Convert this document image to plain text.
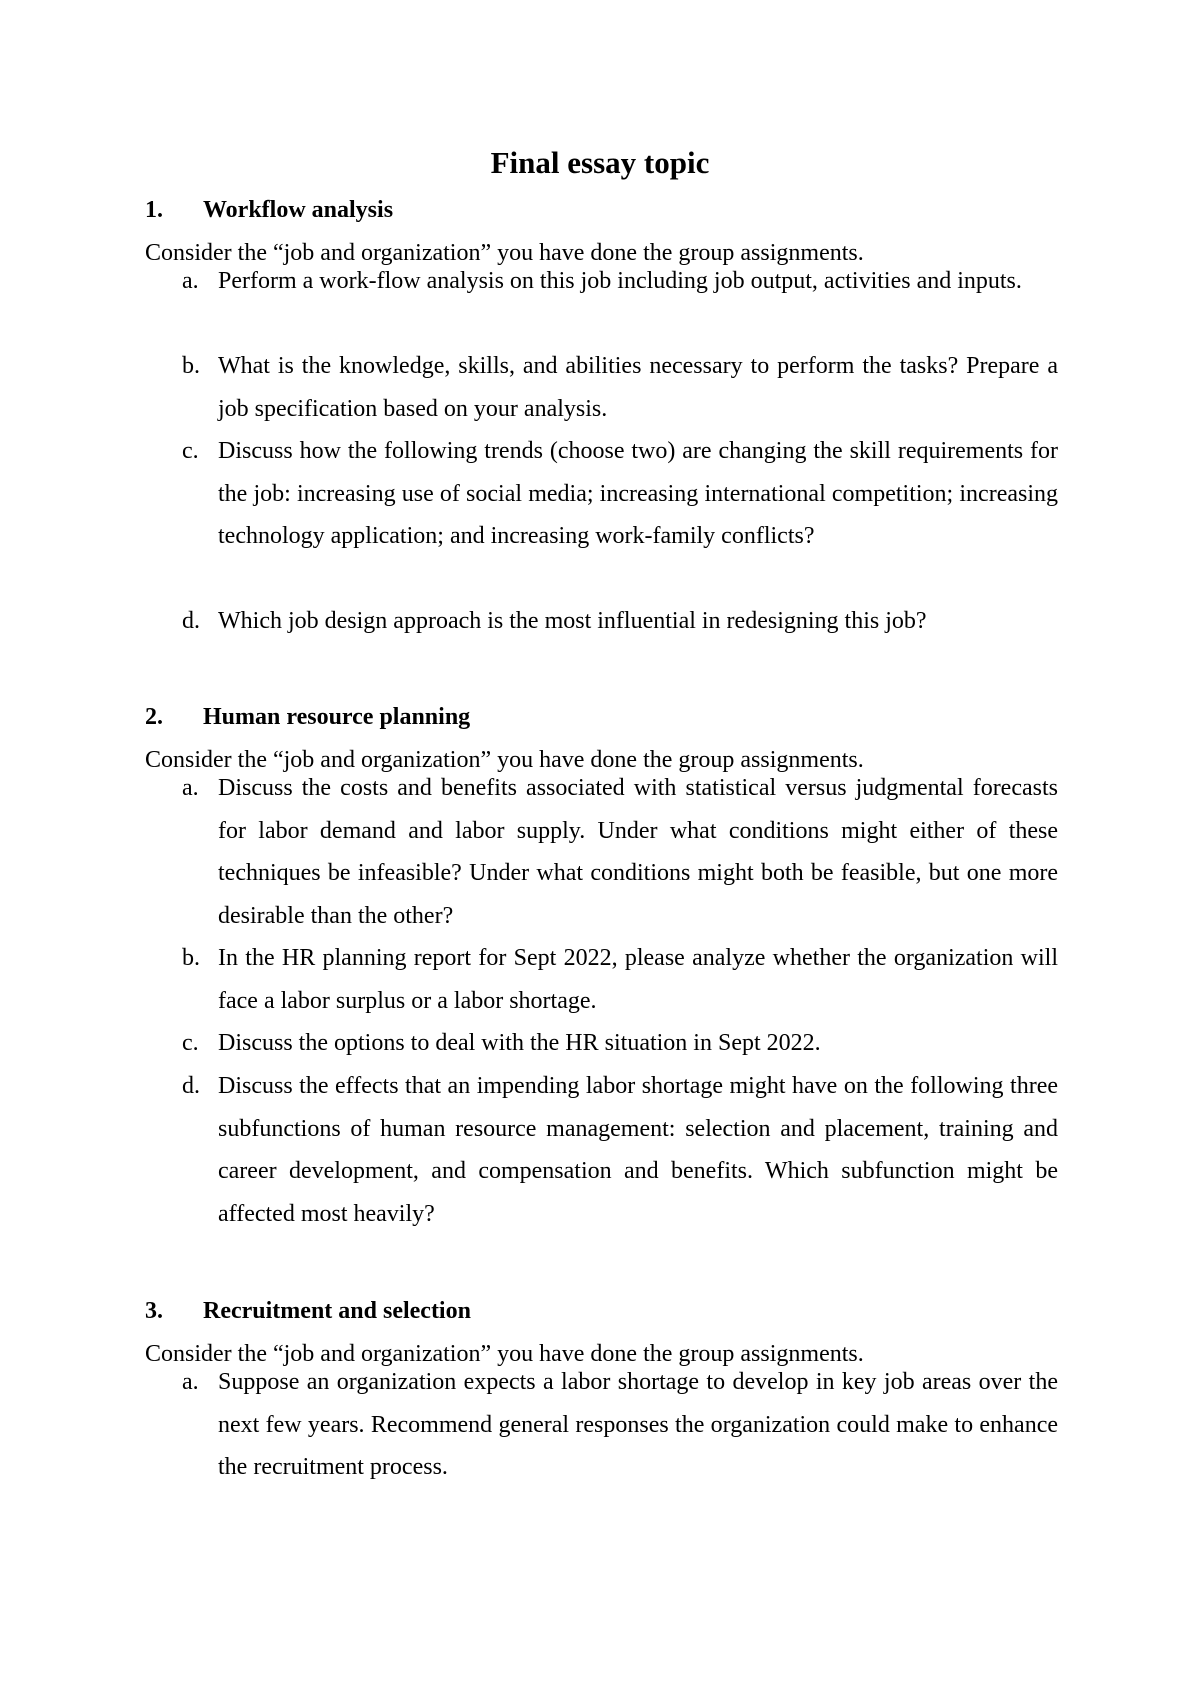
Final essay topic
1. Workflow analysis
Consider the “job and organization” you have done the group assignments.
a. Perform a work-flow analysis on this job including job output, activities and inputs.
b. What is the knowledge, skills, and abilities necessary to perform the tasks? Prepare a job specification based on your analysis.
c. Discuss how the following trends (choose two) are changing the skill requirements for the job: increasing use of social media; increasing international competition; increasing technology application; and increasing work-family conflicts?
d. Which job design approach is the most influential in redesigning this job?
2. Human resource planning
Consider the “job and organization” you have done the group assignments.
a. Discuss the costs and benefits associated with statistical versus judgmental forecasts for labor demand and labor supply. Under what conditions might either of these techniques be infeasible? Under what conditions might both be feasible, but one more desirable than the other?
b. In the HR planning report for Sept 2022, please analyze whether the organization will face a labor surplus or a labor shortage.
c. Discuss the options to deal with the HR situation in Sept 2022.
d. Discuss the effects that an impending labor shortage might have on the following three subfunctions of human resource management: selection and placement, training and career development, and compensation and benefits. Which subfunction might be affected most heavily?
3. Recruitment and selection
Consider the “job and organization” you have done the group assignments.
a. Suppose an organization expects a labor shortage to develop in key job areas over the next few years. Recommend general responses the organization could make to enhance the recruitment process.
